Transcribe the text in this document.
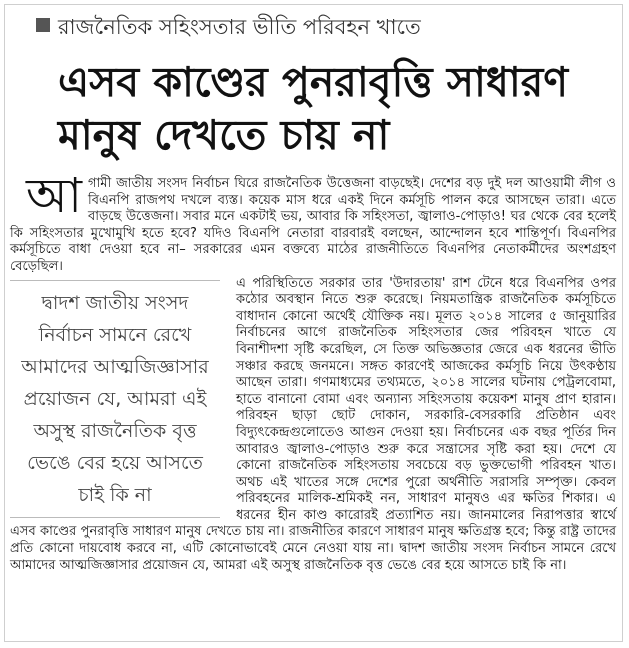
রাজনৈতিক সহিংসতার ভীতি পরিবহন খাতে
এসব কাণ্ডের পুনরাবৃত্তি সাধারণ
মানুষ দেখতে চায় না
আ গামী জাতীয় সংসদ নির্বাচন ঘিরে রাজনৈতিক উত্তেজনা বাড়ছেই। দেশের বড় দুই দল আওয়ামী লীগ ও বিএনপি রাজপথ দখলে ব্যস্ত। কয়েক মাস ধরে একই দিনে কর্মসূচি পালন করে আসছেন তারা। এতে বাড়ছে উত্তেজনা। সবার মনে একটাই ভয়, আবার কি সহিংসতা, জ্বালাও-পোড়াও! ঘর থেকে বের হলেই কি সহিংসতার মুখোমুখি হতে হবে? যদিও বিএনপি নেতারা বারবারই বলছেন, আন্দোলন হবে শান্তিপূর্ণ। বিএনপির কর্মসূচিতে বাধা দেওয়া হবে না– সরকারের এমন বক্তব্যে মাঠের রাজনীতিতে বিএনপির নেতাকর্মীদের অংশগ্রহণ বেড়েছিল।
দ্বাদশ জাতীয় সংসদ নির্বাচন সামনে রেখে আমাদের আত্মজিজ্ঞাসার প্রয়োজন যে, আমরা এই অসুস্থ রাজনৈতিক বৃত্ত ভেঙে বের হয়ে আসতে চাই কি না
এ পরিস্থিতিতে সরকার তার 'উদারতায়' রাশ টেনে ধরে বিএনপির ওপর কঠোর অবস্থান নিতে শুরু করেছে। নিয়মতান্ত্রিক রাজনৈতিক কর্মসূচিতে বাধাদান কোনো অর্থেই যৌক্তিক নয়। মূলত ২০১৪ সালের ৫ জানুয়ারির নির্বাচনের আগে রাজনৈতিক সহিংসতার জের পরিবহন খাতে যে বিনাশীদশা সৃষ্টি করেছিল, সে তিক্ত অভিজ্ঞতার জেরে এক ধরনের ভীতি সঞ্চার করছে জনমনে। সঙ্গত কারণেই আজকের কর্মসূচি নিয়ে উৎকণ্ঠায় আছেন তারা। গণমাধ্যমের তথ্যমতে, ২০১৪ সালের ঘটনায় পেট্রলবোমা, হাতে বানানো বোমা এবং অন্যান্য সহিংসতায় কয়েকশ মানুষ প্রাণ হারান। পরিবহন ছাড়া ছোট দোকান, সরকারি-বেসরকারি প্রতিষ্ঠান এবং বিদ্যুৎকেন্দ্রগুলোতেও আগুন দেওয়া হয়। নির্বাচনের এক বছর পূর্তির দিন আবারও জ্বালাও-পোড়াও শুরু করে সন্ত্রাসের সৃষ্টি করা হয়। দেশে যে কোনো রাজনৈতিক সহিংসতায় সবচেয়ে বড় ভুক্তভোগী পরিবহন খাত। অথচ এই খাতের সঙ্গে দেশের পুরো অর্থনীতি সরাসরি সম্পৃক্ত। কেবল পরিবহনের মালিক-শ্রমিকই নন, সাধারণ মানুষও এর ক্ষতির শিকার। এ ধরনের হীন কাণ্ড কারোরই প্রত্যাশিত নয়। জানমালের নিরাপত্তার স্বার্থে এসব কাণ্ডের পুনরাবৃত্তি সাধারণ মানুষ দেখতে চায় না। রাজনীতির কারণে সাধারণ মানুষ ক্ষতিগ্রস্ত হবে; কিন্তু রাষ্ট্র তাদের প্রতি কোনো দায়বোধ করবে না, এটি কোনোভাবেই মেনে নেওয়া যায় না। দ্বাদশ জাতীয় সংসদ নির্বাচন সামনে রেখে আমাদের আত্মজিজ্ঞাসার প্রয়োজন যে, আমরা এই অসুস্থ রাজনৈতিক বৃত্ত ভেঙে বের হয়ে আসতে চাই কি না।
